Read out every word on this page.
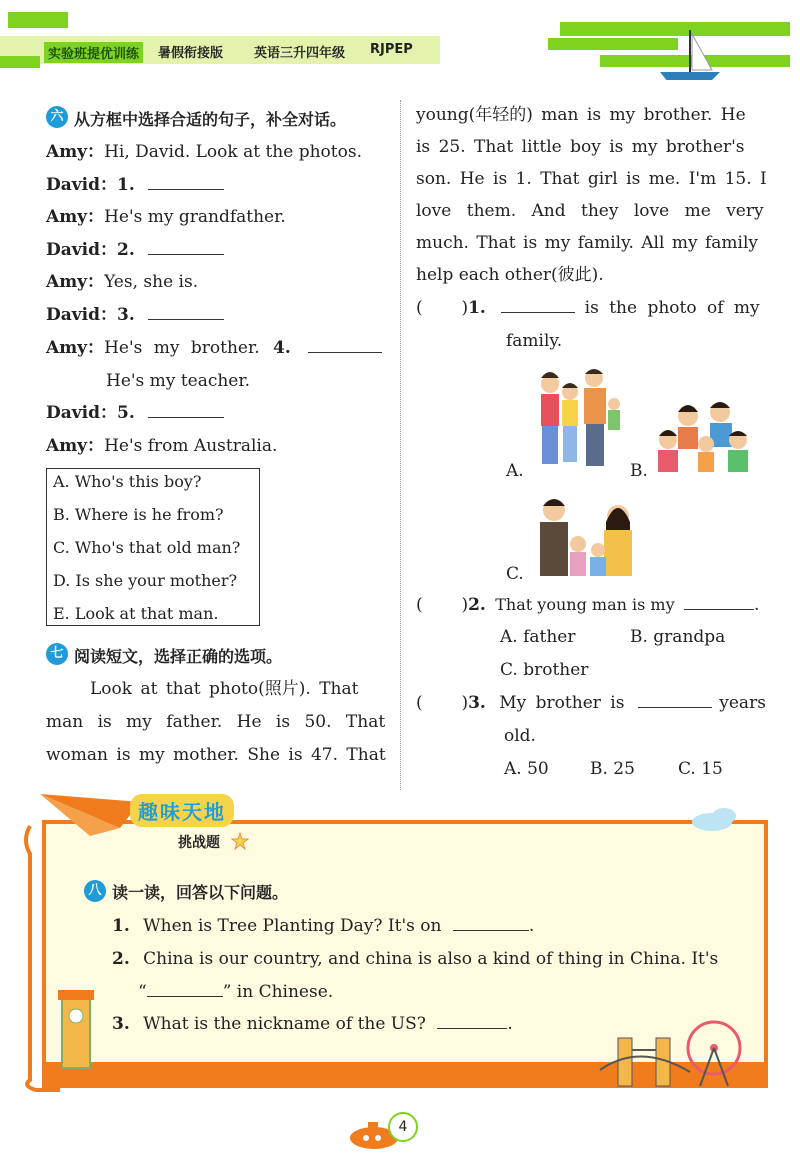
实验班提优训练	暑假衔接版 英语三升四年级 RJPEP
六 从方框中选择合适的句子，补全对话。
Amy：Hi, David. Look at the photos.
David：1.
Amy：He's my grandfather.
David：2.
Amy：Yes, she is.
David：3.
Amy：He's my brother. 4.
He's my teacher.
David：5.
Amy：He's from Australia.
A. Who's this boy?
B. Where is he from?
C. Who's that old man?
D. Is she your mother?
E. Look at that man.
七 阅读短文，选择正确的选项。
Look at that photo(照片). That
man is my father. He is 50. That
woman is my mother. She is 47. That
young(年轻的) man is my brother. He
is 25. That little boy is my brother's
son. He is 1. That girl is me. I'm 15. I
love them. And they love me very
much. That is my family. All my family
help each other(彼此).
( )1.	is the photo of my
family.
A.	B.
C.
( )2. That young man is my	.
A. father	B. grandpa
C. brother
( )3. My brother is	years
old.
A. 50 B. 25	C. 15
趣味天地
挑战题
八 读一读，回答以下问题。
1. When is Tree Planting Day? It's on	.
2. China is our country, and china is also a kind of thing in China. It's
“	” in Chinese.
3. What is the nickname of the US?	.
4
